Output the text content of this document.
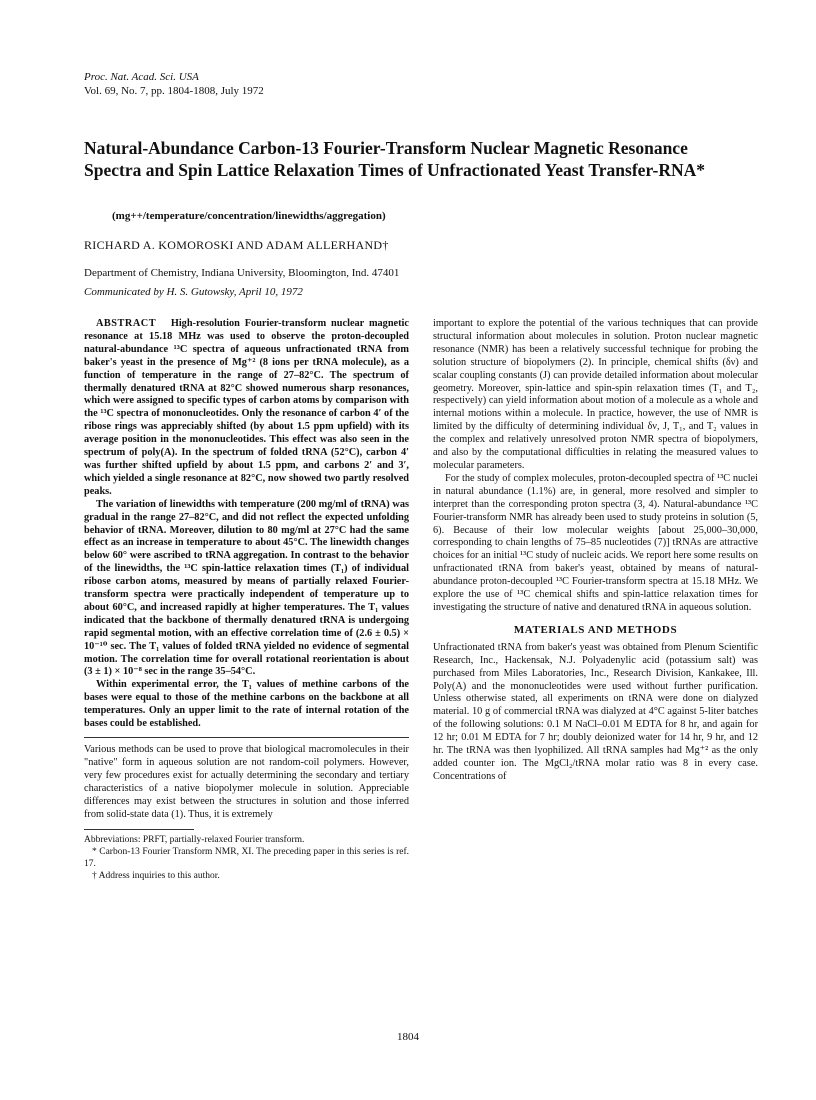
Proc. Nat. Acad. Sci. USA
Vol. 69, No. 7, pp. 1804-1808, July 1972
Natural-Abundance Carbon-13 Fourier-Transform Nuclear Magnetic Resonance Spectra and Spin Lattice Relaxation Times of Unfractionated Yeast Transfer-RNA*
(mg++/temperature/concentration/linewidths/aggregation)
RICHARD A. KOMOROSKI AND ADAM ALLERHAND†
Department of Chemistry, Indiana University, Bloomington, Ind. 47401
Communicated by H. S. Gutowsky, April 10, 1972

ABSTRACT High-resolution Fourier-transform nuclear magnetic resonance at 15.18 MHz was used to observe the proton-decoupled natural-abundance ¹³C spectra of aqueous unfractionated tRNA from baker's yeast in the presence of Mg⁺² (8 ions per tRNA molecule), as a function of temperature in the range of 27–82°C. The spectrum of thermally denatured tRNA at 82°C showed numerous sharp resonances, which were assigned to specific types of carbon atoms by comparison with the ¹³C spectra of mononucleotides. Only the resonance of carbon 4′ of the ribose rings was appreciably shifted (by about 1.5 ppm upfield) with its average position in the mononucleotides. This effect was also seen in the spectrum of poly(A). In the spectrum of folded tRNA (52°C), carbon 4′ was further shifted upfield by about 1.5 ppm, and carbons 2′ and 3′, which yielded a single resonance at 82°C, now showed two partly resolved peaks.

The variation of linewidths with temperature (200 mg/ml of tRNA) was gradual in the range 27–82°C, and did not reflect the expected unfolding behavior of tRNA. Moreover, dilution to 80 mg/ml at 27°C had the same effect as an increase in temperature to about 45°C. The linewidth changes below 60° were ascribed to tRNA aggregation. In contrast to the behavior of the linewidths, the ¹³C spin-lattice relaxation times (T₁) of individual ribose carbon atoms, measured by means of partially relaxed Fourier-transform spectra were practically independent of temperature up to about 60°C, and increased rapidly at higher temperatures. The T₁ values indicated that the backbone of thermally denatured tRNA is undergoing rapid segmental motion, with an effective correlation time of (2.6 ± 0.5) × 10⁻¹⁰ sec. The T₁ values of folded tRNA yielded no evidence of segmental motion. The correlation time for overall rotational reorientation is about (3 ± 1) × 10⁻⁸ sec in the range 35–54°C.

Within experimental error, the T₁ values of methine carbons of the bases were equal to those of the methine carbons on the backbone at all temperatures. Only an upper limit to the rate of internal rotation of the bases could be established.

Various methods can be used to prove that biological macromolecules in their "native" form in aqueous solution are not random-coil polymers. However, very few procedures exist for actually determining the secondary and tertiary characteristics of a native biopolymer molecule in solution. Appreciable differences may exist between the structures in solution and those inferred from solid-state data (1). Thus, it is extremely

Abbreviations: PRFT, partially-relaxed Fourier transform.

* Carbon-13 Fourier Transform NMR, XI. The preceding paper in this series is ref. 17.

† Address inquiries to this author.

important to explore the potential of the various techniques that can provide structural information about molecules in solution. Proton nuclear magnetic resonance (NMR) has been a relatively successful technique for probing the solution structure of biopolymers (2). In principle, chemical shifts (δν) and scalar coupling constants (J) can provide detailed information about molecular geometry. Moreover, spin-lattice and spin-spin relaxation times (T₁ and T₂, respectively) can yield information about motion of a molecule as a whole and internal motions within a molecule. In practice, however, the use of NMR is limited by the difficulty of determining individual δν, J, T₁, and T₂ values in the complex and relatively unresolved proton NMR spectra of biopolymers, and also by the computational difficulties in relating the measured values to molecular parameters.

For the study of complex molecules, proton-decoupled spectra of ¹³C nuclei in natural abundance (1.1%) are, in general, more resolved and simpler to interpret than the corresponding proton spectra (3, 4). Natural-abundance ¹³C Fourier-transform NMR has already been used to study proteins in solution (5, 6). Because of their low molecular weights [about 25,000–30,000, corresponding to chain lengths of 75–85 nucleotides (7)] tRNAs are attractive choices for an initial ¹³C study of nucleic acids. We report here some results on unfractionated tRNA from baker's yeast, obtained by means of natural-abundance proton-decoupled ¹³C Fourier-transform spectra at 15.18 MHz. We explore the use of ¹³C chemical shifts and spin-lattice relaxation times for investigating the structure of native and denatured tRNA in aqueous solution.

MATERIALS AND METHODS

Unfractionated tRNA from baker's yeast was obtained from Plenum Scientific Research, Inc., Hackensak, N.J. Polyadenylic acid (potassium salt) was purchased from Miles Laboratories, Inc., Research Division, Kankakee, Ill. Poly(A) and the mononucleotides were used without further purification. Unless otherwise stated, all experiments on tRNA were done on dialyzed material. 10 g of commercial tRNA was dialyzed at 4°C against 5-liter batches of the following solutions: 0.1 M NaCl–0.01 M EDTA for 8 hr, and again for 12 hr; 0.01 M EDTA for 7 hr; doubly deionized water for 14 hr, 9 hr, and 12 hr. The tRNA was then lyophilized. All tRNA samples had Mg⁺² as the only added counter ion. The MgCl₂/tRNA molar ratio was 8 in every case. Concentrations of

1804
